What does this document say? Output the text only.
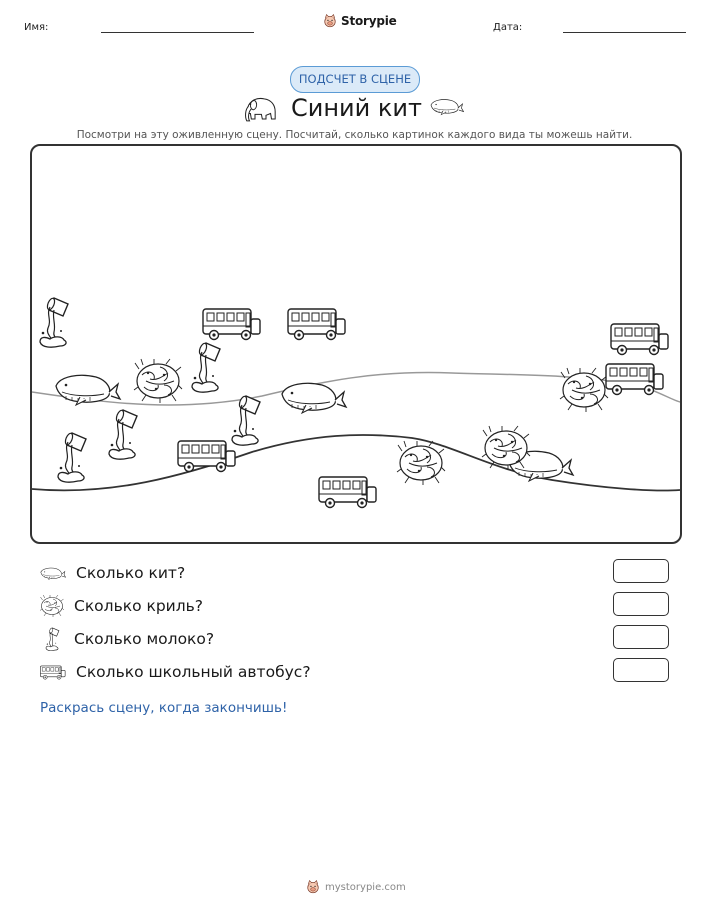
Имя:	Storypie	Дата:
ПОДСЧЕТ В СЦЕНЕ
Синий кит
Посмотри на эту оживленную сцену. Посчитай, сколько картинок каждого вида ты можешь найти.
Сколько кит?
Сколько криль?
Сколько молоко?
Сколько школьный автобус?
Раскрась сцену, когда закончишь!
mystorypie.com
